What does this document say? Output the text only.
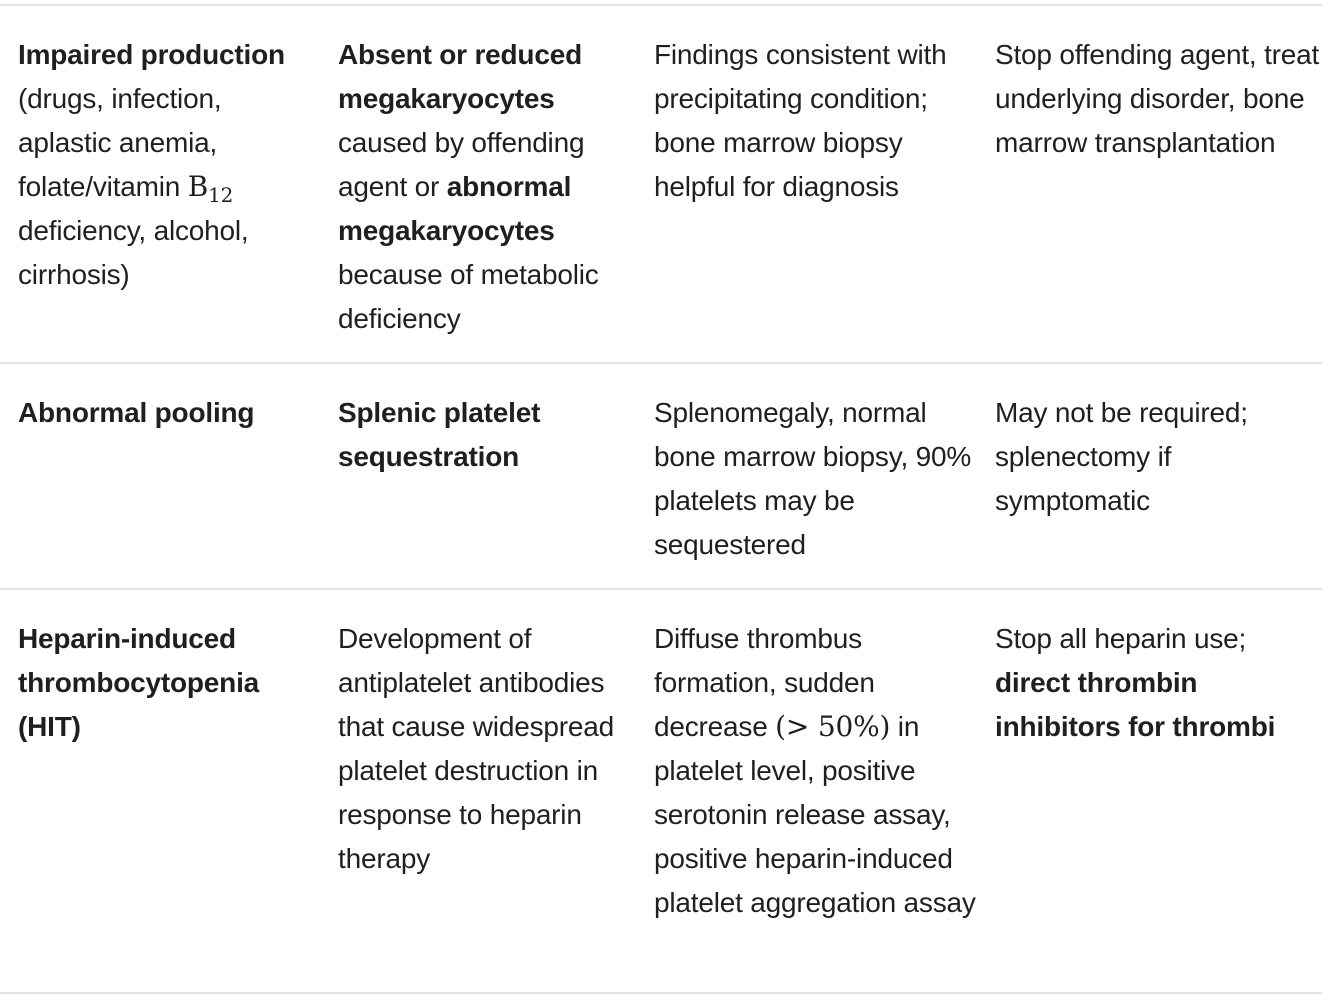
Impaired production (drugs, infection, aplastic anemia, folate/vitamin $B_{12}$ deficiency, alcohol, cirrhosis)
Absent or reduced megakaryocytes caused by offending agent or abnormal megakaryocytes because of metabolic deficiency
Findings consistent with precipitating condition; bone marrow biopsy helpful for diagnosis
Stop offending agent, treat underlying disorder, bone marrow transplantation
Abnormal pooling	Splenic platelet sequestration
Splenomegaly, normal bone marrow biopsy, 90% platelets may be sequestered
May not be required; splenectomy if symptomatic
Heparin-induced thrombocytopenia (HIT)
Development of antiplatelet antibodies that cause widespread platelet destruction in response to heparin therapy
Diffuse thrombus formation, sudden decrease (> 50%) in platelet level, positive serotonin release assay, positive heparin-induced platelet aggregation assay
Stop all heparin use; direct thrombin inhibitors for thrombi
